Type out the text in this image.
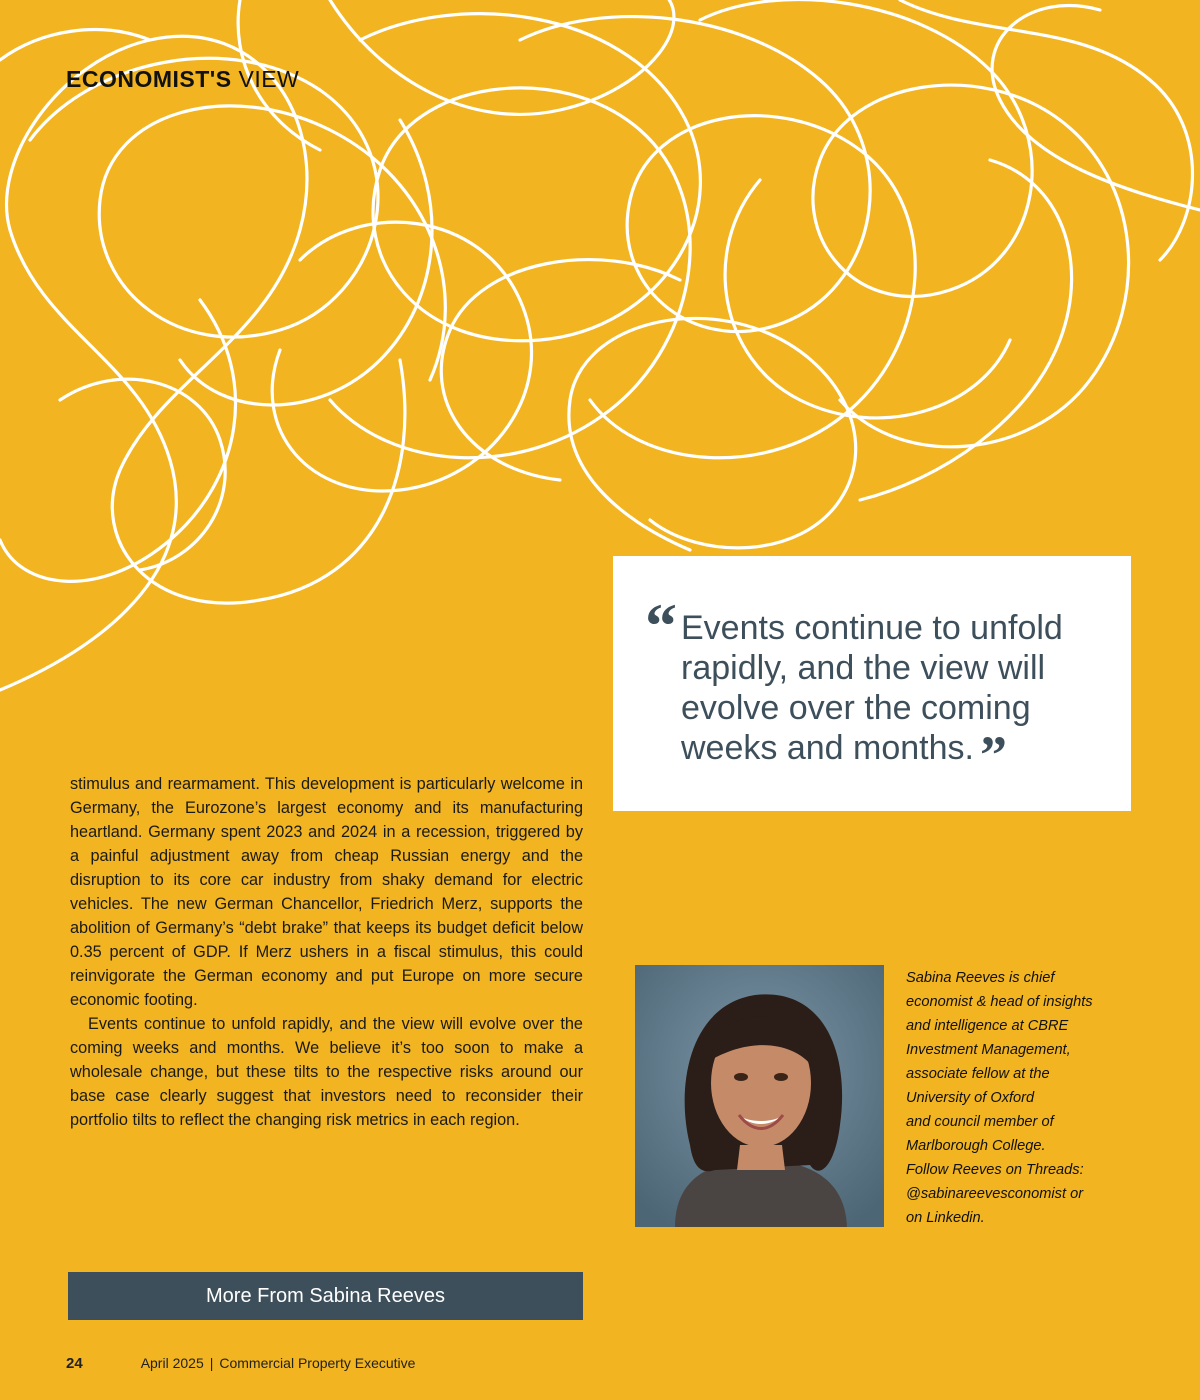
ECONOMIST'S VIEW
“ Events continue to unfold rapidly, and the view will evolve over the coming weeks and months. ”

stimulus and rearmament. This development is particularly welcome in Germany, the Eurozone’s largest economy and its manufacturing heartland. Germany spent 2023 and 2024 in a recession, triggered by a painful adjustment away from cheap Russian energy and the disruption to its core car industry from shaky demand for electric vehicles. The new German Chancellor, Friedrich Merz, supports the abolition of Germany’s “debt brake” that keeps its budget deficit below 0.35 percent of GDP. If Merz ushers in a fiscal stimulus, this could reinvigorate the German economy and put Europe on more secure economic footing.

Events continue to unfold rapidly, and the view will evolve over the coming weeks and months. We believe it’s too soon to make a wholesale change, but these tilts to the respective risks around our base case clearly suggest that investors need to reconsider their portfolio tilts to reflect the changing risk metrics in each region.

Sabina Reeves is chief
economist & head of insights
and intelligence at CBRE
Investment Management,
associate fellow at the
University of Oxford
and council member of
Marlborough College.
Follow Reeves on Threads:
@sabinareevesconomist or
on Linkedin.
More From Sabina Reeves
24	April 2025 | Commercial Property Executive
